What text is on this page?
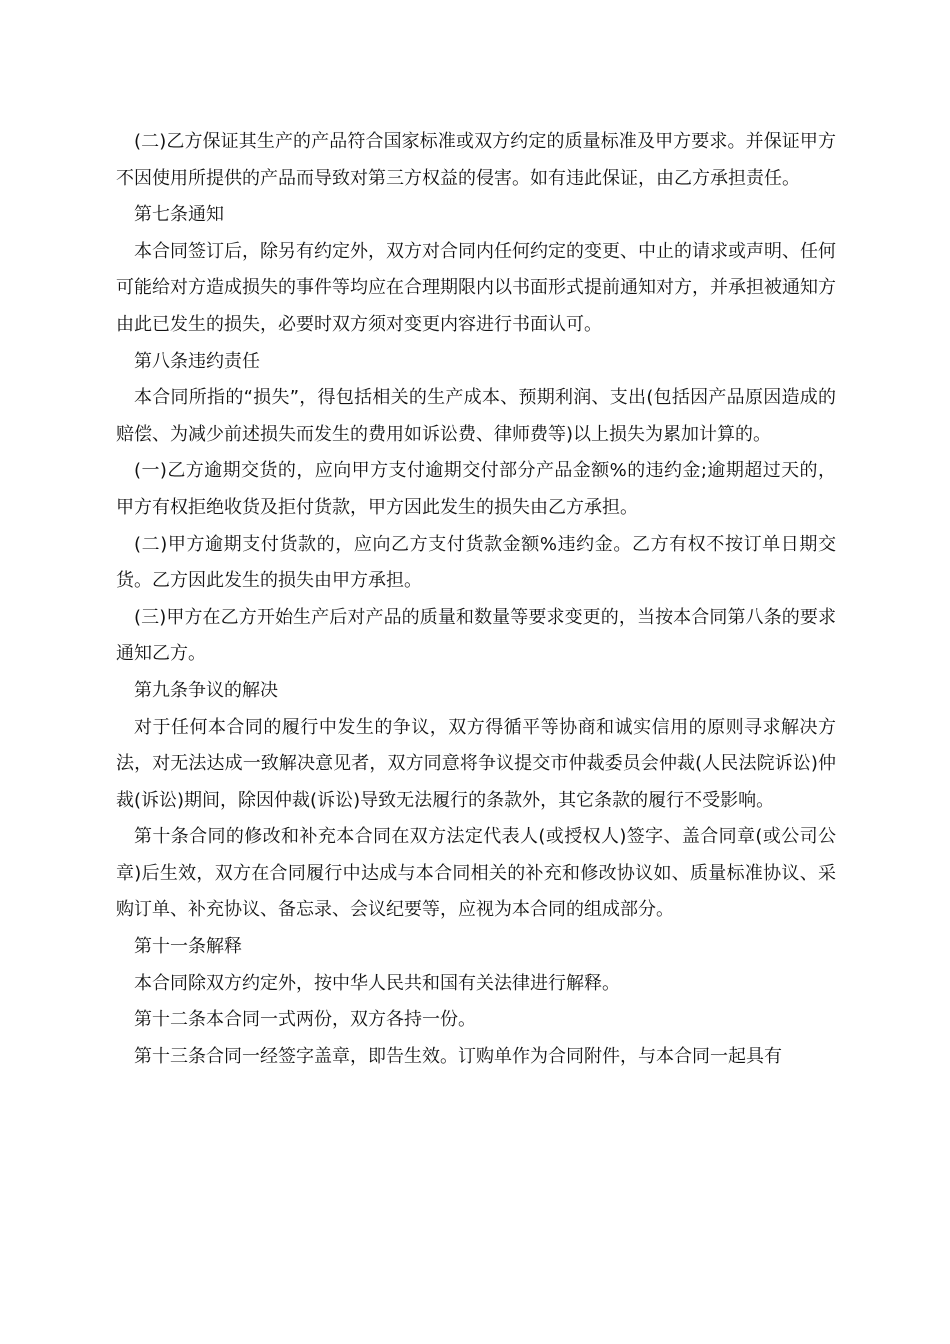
(二)乙方保证其生产的产品符合国家标准或双方约定的质量标准及甲方要求。并保证甲方不因使用所提供的产品而导致对第三方权益的侵害。如有违此保证，由乙方承担责任。

第七条通知

本合同签订后，除另有约定外，双方对合同内任何约定的变更、中止的请求或声明、任何可能给对方造成损失的事件等均应在合理期限内以书面形式提前通知对方，并承担被通知方由此已发生的损失，必要时双方须对变更内容进行书面认可。

第八条违约责任

本合同所指的“损失”，得包括相关的生产成本、预期利润、支出(包括因产品原因造成的赔偿、为减少前述损失而发生的费用如诉讼费、律师费等)以上损失为累加计算的。

(一)乙方逾期交货的，应向甲方支付逾期交付部分产品金额%的违约金;逾期超过天的，甲方有权拒绝收货及拒付货款，甲方因此发生的损失由乙方承担。

(二)甲方逾期支付货款的，应向乙方支付货款金额%违约金。乙方有权不按订单日期交货。乙方因此发生的损失由甲方承担。

(三)甲方在乙方开始生产后对产品的质量和数量等要求变更的，当按本合同第八条的要求通知乙方。

第九条争议的解决

对于任何本合同的履行中发生的争议，双方得循平等协商和诚实信用的原则寻求解决方法，对无法达成一致解决意见者，双方同意将争议提交市仲裁委员会仲裁(人民法院诉讼)仲裁(诉讼)期间，除因仲裁(诉讼)导致无法履行的条款外，其它条款的履行不受影响。

第十条合同的修改和补充本合同在双方法定代表人(或授权人)签字、盖合同章(或公司公章)后生效，双方在合同履行中达成与本合同相关的补充和修改协议如、质量标准协议、采购订单、补充协议、备忘录、会议纪要等，应视为本合同的组成部分。

第十一条解释

本合同除双方约定外，按中华人民共和国有关法律进行解释。

第十二条本合同一式两份，双方各持一份。

第十三条合同一经签字盖章，即告生效。订购单作为合同附件，与本合同一起具有
